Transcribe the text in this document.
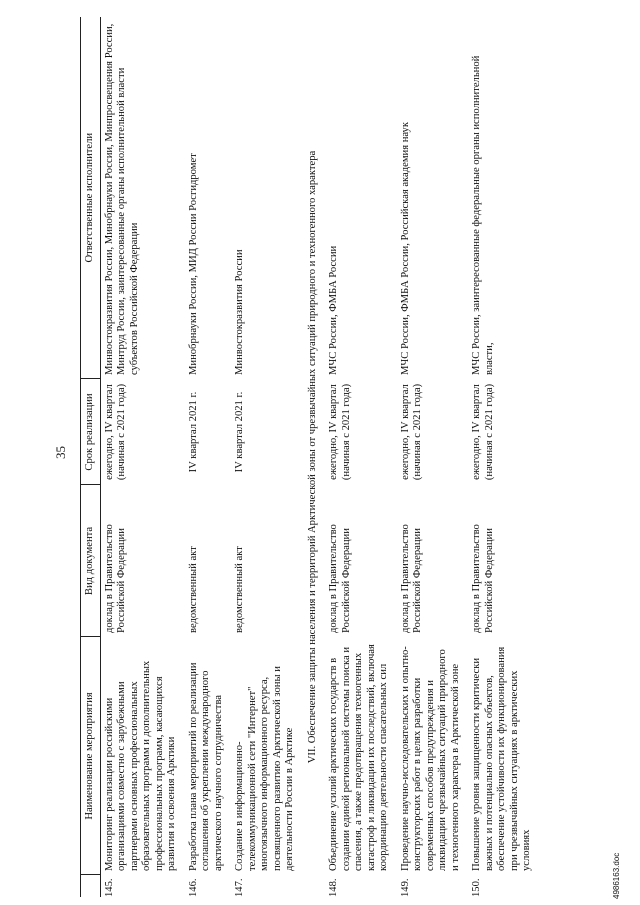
35
	Наименование мероприятия	Вид документа	Срок реализации	Ответственные исполнители
145.	Мониторинг реализации российскими организациями совместно с зарубежными партнерами основных профессиональных образовательных программ и дополнительных профессиональных программ, касающихся развития и освоения Арктики	доклад в Правительство Российской Федерации	ежегодно, IV квартал (начиная с 2021 года)	Минвостокразвития России, Минобрнауки России, Минпросвещения России, Минтруд России, заинтересованные органы исполнительной власти субъектов Российской Федерации
146.	Разработка плана мероприятий по реализации соглашения об укреплении международного арктического научного сотрудничества	ведомственный акт	IV квартал 2021 г.	Минобрнауки России, МИД России Росгидромет
147.	Создание в информационно-телекоммуникационной сети "Интернет" многоязычного информационного ресурса, посвященного развитию Арктической зоны и деятельности России в Арктике	ведомственный акт	IV квартал 2021 г.	Минвостокразвития России
VII. Обеспечение защиты населения и территорий Арктической зоны от чрезвычайных ситуаций природного и техногенного характера				
148.	Объединение усилий арктических государств в создании единой региональной системы поиска и спасения, а также предотвращения техногенных катастроф и ликвидации их последствий, включая координацию деятельности спасательных сил	доклад в Правительство Российской Федерации	ежегодно, IV квартал (начиная с 2021 года)	МЧС России, ФМБА России
149.	Проведение научно-исследовательских и опытно-конструкторских работ в целях разработки современных способов предупреждения и ликвидации чрезвычайных ситуаций природного и техногенного характера в Арктической зоне	доклад в Правительство Российской Федерации	ежегодно, IV квартал (начиная с 2021 года)	МЧС России, ФМБА России, Российская академия наук
150.	Повышение уровня защищенности критически важных и потенциально опасных объектов, обеспечение устойчивости их функционирования при чрезвычайных ситуациях в арктических условиях	доклад в Правительство Российской Федерации	ежегодно, IV квартал (начиная с 2021 года)	МЧС России, заинтересованные федеральные органы исполнительной власти,
4986163.doc
